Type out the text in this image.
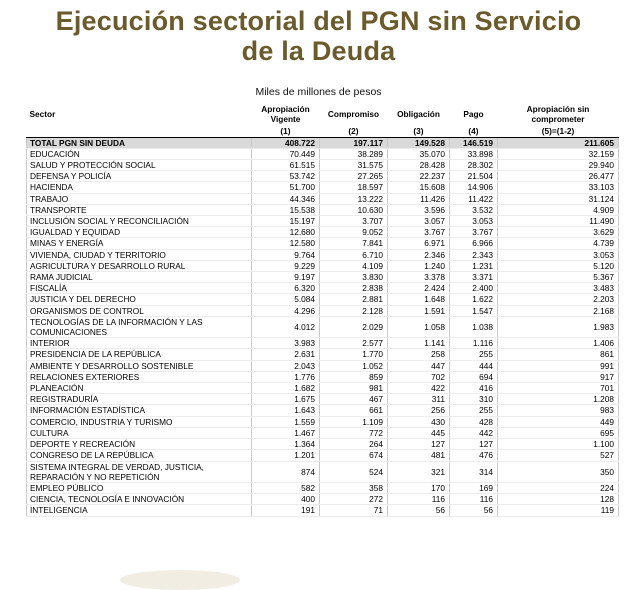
Ejecución sectorial del PGN sin Servicio
de la Deuda
Miles de millones de pesos
Sector	Apropiación Vigente	Compromiso	Obligación	Pago	Apropiación sin comprometer
	(1)	(2)	(3)	(4)	(5)=(1-2)
TOTAL PGN SIN DEUDA	408.722	197.117	149.528	146.519	211.605
EDUCACIÓN	70.449	38.289	35.070	33.898	32.159
SALUD Y PROTECCIÓN SOCIAL	61.515	31.575	28.428	28.302	29.940
DEFENSA Y POLICÍA	53.742	27.265	22.237	21.504	26.477
HACIENDA	51.700	18.597	15.608	14.906	33.103
TRABAJO	44.346	13.222	11.426	11.422	31.124
TRANSPORTE	15.538	10.630	3.596	3.532	4.909
INCLUSIÓN SOCIAL Y RECONCILIACIÓN	15.197	3.707	3.057	3.053	11.490
IGUALDAD Y EQUIDAD	12.680	9.052	3.767	3.767	3.629
MINAS Y ENERGÍA	12.580	7.841	6.971	6.966	4.739
VIVIENDA, CIUDAD Y TERRITORIO	9.764	6.710	2.346	2.343	3.053
AGRICULTURA Y DESARROLLO RURAL	9.229	4.109	1.240	1.231	5.120
RAMA JUDICIAL	9.197	3.830	3.378	3.371	5.367
FISCALÍA	6.320	2.838	2.424	2.400	3.483
JUSTICIA Y DEL DERECHO	5.084	2.881	1.648	1.622	2.203
ORGANISMOS DE CONTROL	4.296	2.128	1.591	1.547	2.168
TECNOLOGÍAS DE LA INFORMACIÓN Y LAS COMUNICACIONES	4.012	2.029	1.058	1.038	1.983
INTERIOR	3.983	2.577	1.141	1.116	1.406
PRESIDENCIA DE LA REPÚBLICA	2.631	1.770	258	255	861
AMBIENTE Y DESARROLLO SOSTENIBLE	2.043	1.052	447	444	991
RELACIONES EXTERIORES	1.776	859	702	694	917
PLANEACIÓN	1.682	981	422	416	701
REGISTRADURÍA	1.675	467	311	310	1.208
INFORMACIÓN ESTADÍSTICA	1.643	661	256	255	983
COMERCIO, INDUSTRIA Y TURISMO	1.559	1.109	430	428	449
CULTURA	1.467	772	445	442	695
DEPORTE Y RECREACIÓN	1.364	264	127	127	1.100
CONGRESO DE LA REPÚBLICA	1.201	674	481	476	527
SISTEMA INTEGRAL DE VERDAD, JUSTICIA, REPARACIÓN Y NO REPETICIÓN	874	524	321	314	350
EMPLEO PÚBLICO	582	358	170	169	224
CIENCIA, TECNOLOGÍA E INNOVACIÓN	400	272	116	116	128
INTELIGENCIA	191	71	56	56	119
